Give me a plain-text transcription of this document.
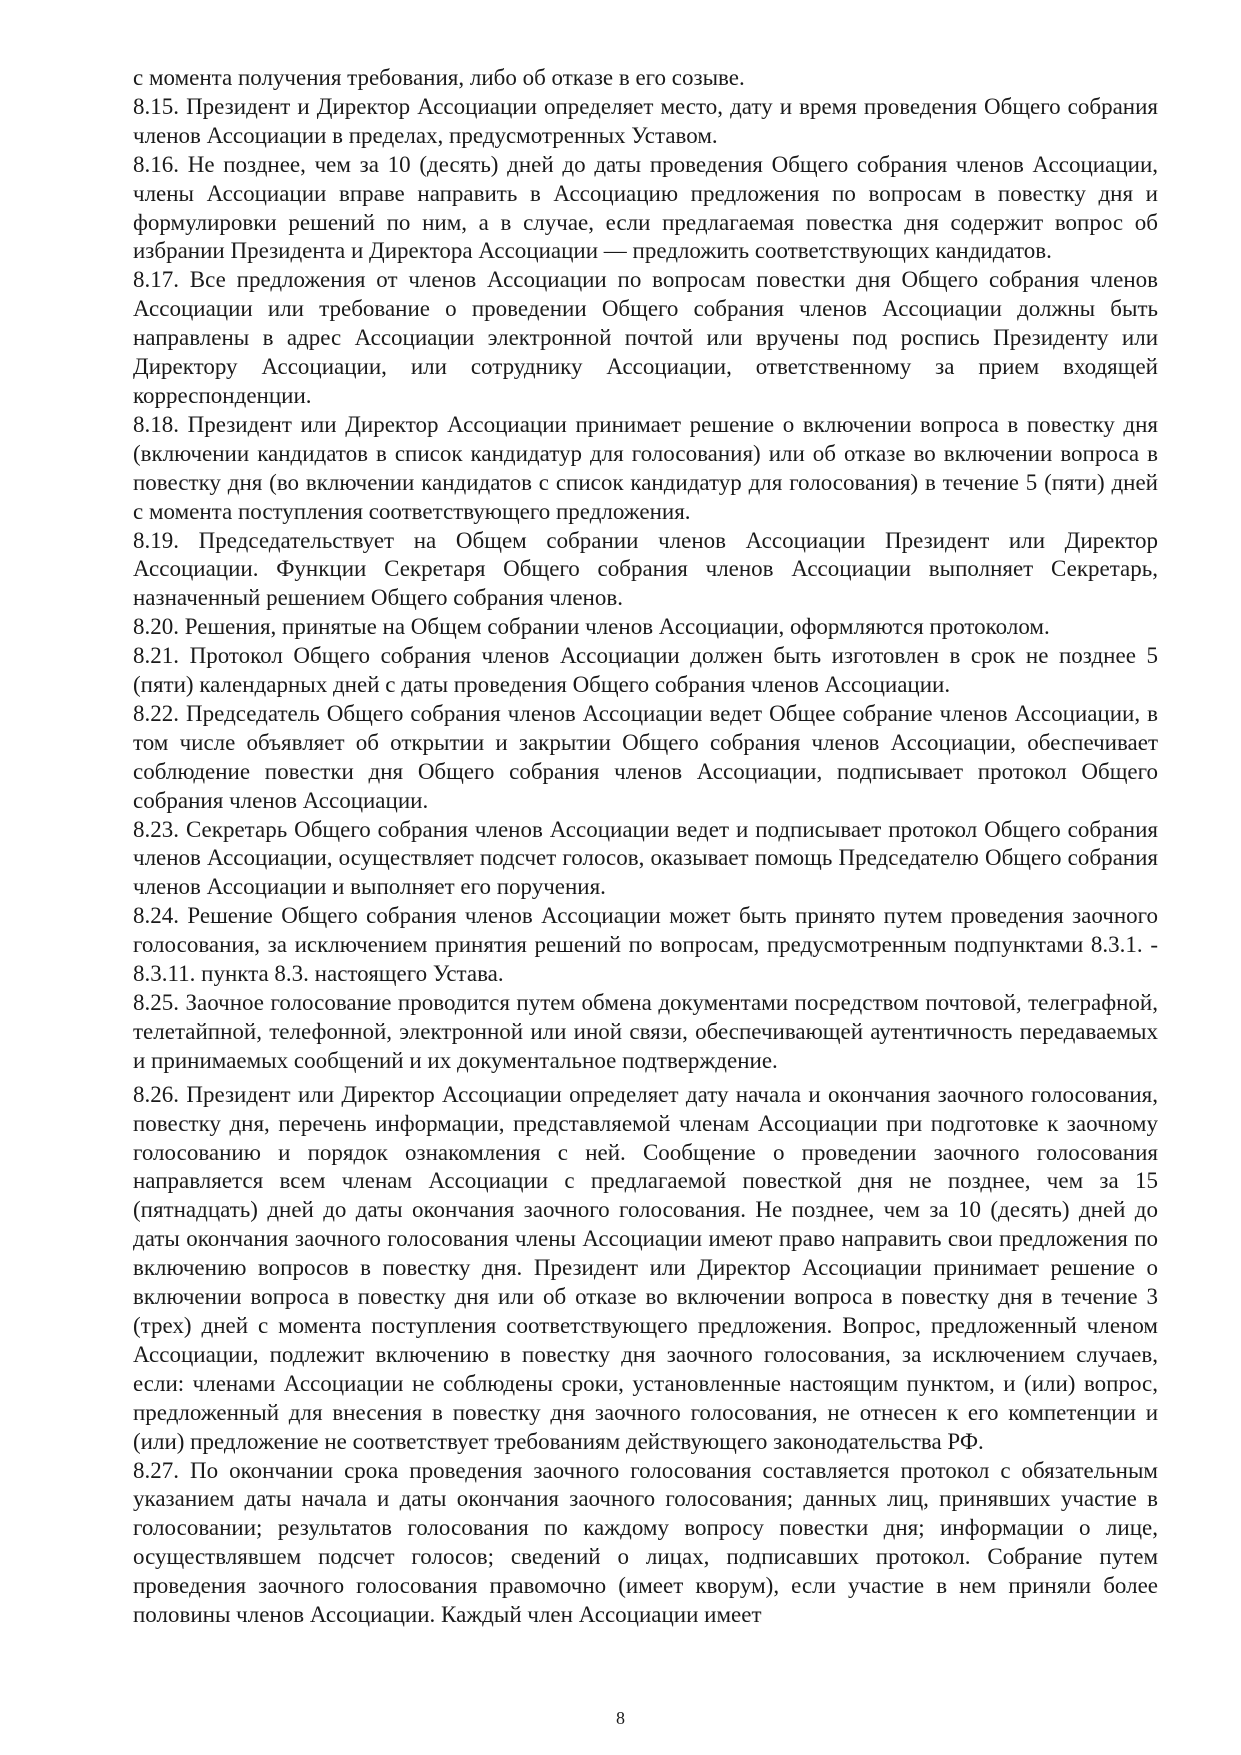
с момента получения требования, либо об отказе в его созыве.

8.15. Президент и Директор Ассоциации определяет место, дату и время проведения Общего собрания членов Ассоциации в пределах, предусмотренных Уставом.

8.16. Не позднее, чем за 10 (десять) дней до даты проведения Общего собрания членов Ассоциации, члены Ассоциации вправе направить в Ассоциацию предложения по вопросам в повестку дня и формулировки решений по ним, а в случае, если предлагаемая повестка дня содержит вопрос об избрании Президента и Директора Ассоциации — предложить соответствующих кандидатов.

8.17. Все предложения от членов Ассоциации по вопросам повестки дня Общего собрания членов Ассоциации или требование о проведении Общего собрания членов Ассоциации должны быть направлены в адрес Ассоциации электронной почтой или вручены под роспись Президенту или Директору Ассоциации, или сотруднику Ассоциации, ответственному за прием входящей корреспонденции.

8.18. Президент или Директор Ассоциации принимает решение о включении вопроса в повестку дня (включении кандидатов в список кандидатур для голосования) или об отказе во включении вопроса в повестку дня (во включении кандидатов с список кандидатур для голосования) в течение 5 (пяти) дней с момента поступления соответствующего предложения.

8.19. Председательствует на Общем собрании членов Ассоциации Президент или Директор Ассоциации. Функции Секретаря Общего собрания членов Ассоциации выполняет Секретарь, назначенный решением Общего собрания членов.

8.20. Решения, принятые на Общем собрании членов Ассоциации, оформляются протоколом.

8.21. Протокол Общего собрания членов Ассоциации должен быть изготовлен в срок не позднее 5 (пяти) календарных дней с даты проведения Общего собрания членов Ассоциации.

8.22. Председатель Общего собрания членов Ассоциации ведет Общее собрание членов Ассоциации, в том числе объявляет об открытии и закрытии Общего собрания членов Ассоциации, обеспечивает соблюдение повестки дня Общего собрания членов Ассоциации, подписывает протокол Общего собрания членов Ассоциации.

8.23. Секретарь Общего собрания членов Ассоциации ведет и подписывает протокол Общего собрания членов Ассоциации, осуществляет подсчет голосов, оказывает помощь Председателю Общего собрания членов Ассоциации и выполняет его поручения.

8.24. Решение Общего собрания членов Ассоциации может быть принято путем проведения заочного голосования, за исключением принятия решений по вопросам, предусмотренным подпунктами 8.3.1. - 8.3.11. пункта 8.3. настоящего Устава.

8.25. Заочное голосование проводится путем обмена документами посредством почтовой, телеграфной, телетайпной, телефонной, электронной или иной связи, обеспечивающей аутентичность передаваемых и принимаемых сообщений и их документальное подтверждение.

8.26. Президент или Директор Ассоциации определяет дату начала и окончания заочного голосования, повестку дня, перечень информации, представляемой членам Ассоциации при подготовке к заочному голосованию и порядок ознакомления с ней. Сообщение о проведении заочного голосования направляется всем членам Ассоциации с предлагаемой повесткой дня не позднее, чем за 15 (пятнадцать) дней до даты окончания заочного голосования. Не позднее, чем за 10 (десять) дней до даты окончания заочного голосования члены Ассоциации имеют право направить свои предложения по включению вопросов в повестку дня. Президент или Директор Ассоциации принимает решение о включении вопроса в повестку дня или об отказе во включении вопроса в повестку дня в течение 3 (трех) дней с момента поступления соответствующего предложения. Вопрос, предложенный членом Ассоциации, подлежит включению в повестку дня заочного голосования, за исключением случаев, если: членами Ассоциации не соблюдены сроки, установленные настоящим пунктом, и (или) вопрос, предложенный для внесения в повестку дня заочного голосования, не отнесен к его компетенции и (или) предложение не соответствует требованиям действующего законодательства РФ.

8.27. По окончании срока проведения заочного голосования составляется протокол с обязательным указанием даты начала и даты окончания заочного голосования; данных лиц, принявших участие в голосовании; результатов голосования по каждому вопросу повестки дня; информации о лице, осуществлявшем подсчет голосов; сведений о лицах, подписавших протокол. Собрание путем проведения заочного голосования правомочно (имеет кворум), если участие в нем приняли более половины членов Ассоциации. Каждый член Ассоциации имеет

8
